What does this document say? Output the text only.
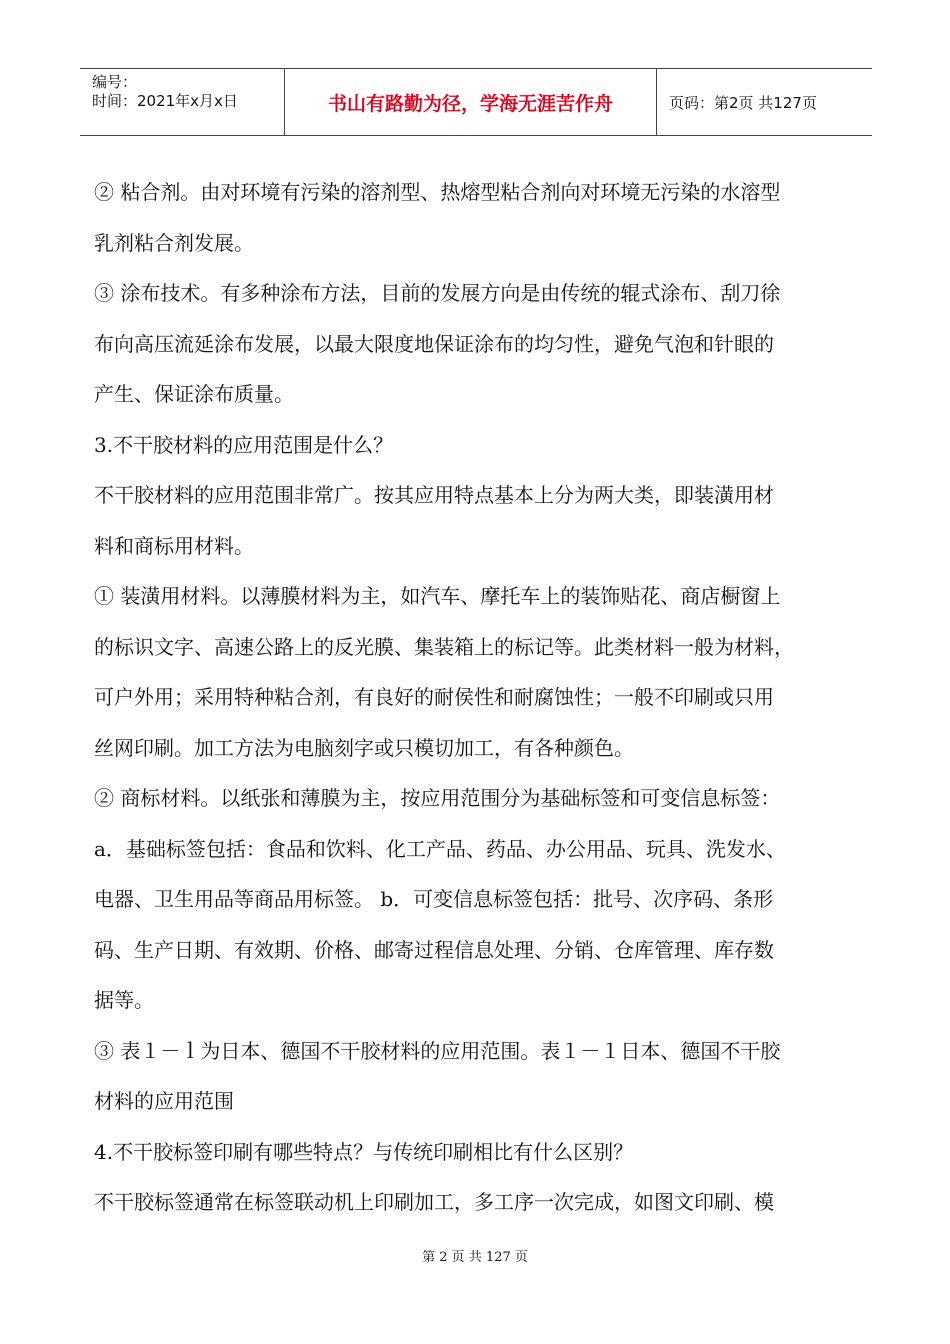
编号：
时间：2021年x月x日	书山有路勤为径，学海无涯苦作舟	页码：第2页 共127页

② 粘合剂。由对环境有污染的溶剂型、热熔型粘合剂向对环境无污染的水溶型

乳剂粘合剂发展。

③ 涂布技术。有多种涂布方法，目前的发展方向是由传统的辊式涂布、刮刀徐

布向高压流延涂布发展，以最大限度地保证涂布的均匀性，避免气泡和针眼的

产生、保证涂布质量。

3.不干胶材料的应用范围是什么？

不干胶材料的应用范围非常广。按其应用特点基本上分为两大类，即装潢用材

料和商标用材料。

① 装潢用材料。以薄膜材料为主，如汽车、摩托车上的装饰贴花、商店橱窗上

的标识文字、高速公路上的反光膜、集装箱上的标记等。此类材料一般为材料，

可户外用；采用特种粘合剂，有良好的耐侯性和耐腐蚀性；一般不印刷或只用

丝网印刷。加工方法为电脑刻字或只模切加工，有各种颜色。

② 商标材料。以纸张和薄膜为主，按应用范围分为基础标签和可变信息标签：

a．基础标签包括：食品和饮料、化工产品、药品、办公用品、玩具、洗发水、

电器、卫生用品等商品用标签。 b．可变信息标签包括：批号、次序码、条形

码、生产日期、有效期、价格、邮寄过程信息处理、分销、仓库管理、库存数

据等。

③ 表１－ｌ为日本、德国不干胶材料的应用范围。表１－１日本、德国不干胶

材料的应用范围

4.不干胶标签印刷有哪些特点？与传统印刷相比有什么区别？

不干胶标签通常在标签联动机上印刷加工，多工序一次完成，如图文印刷、模

第 2 页 共 127 页
